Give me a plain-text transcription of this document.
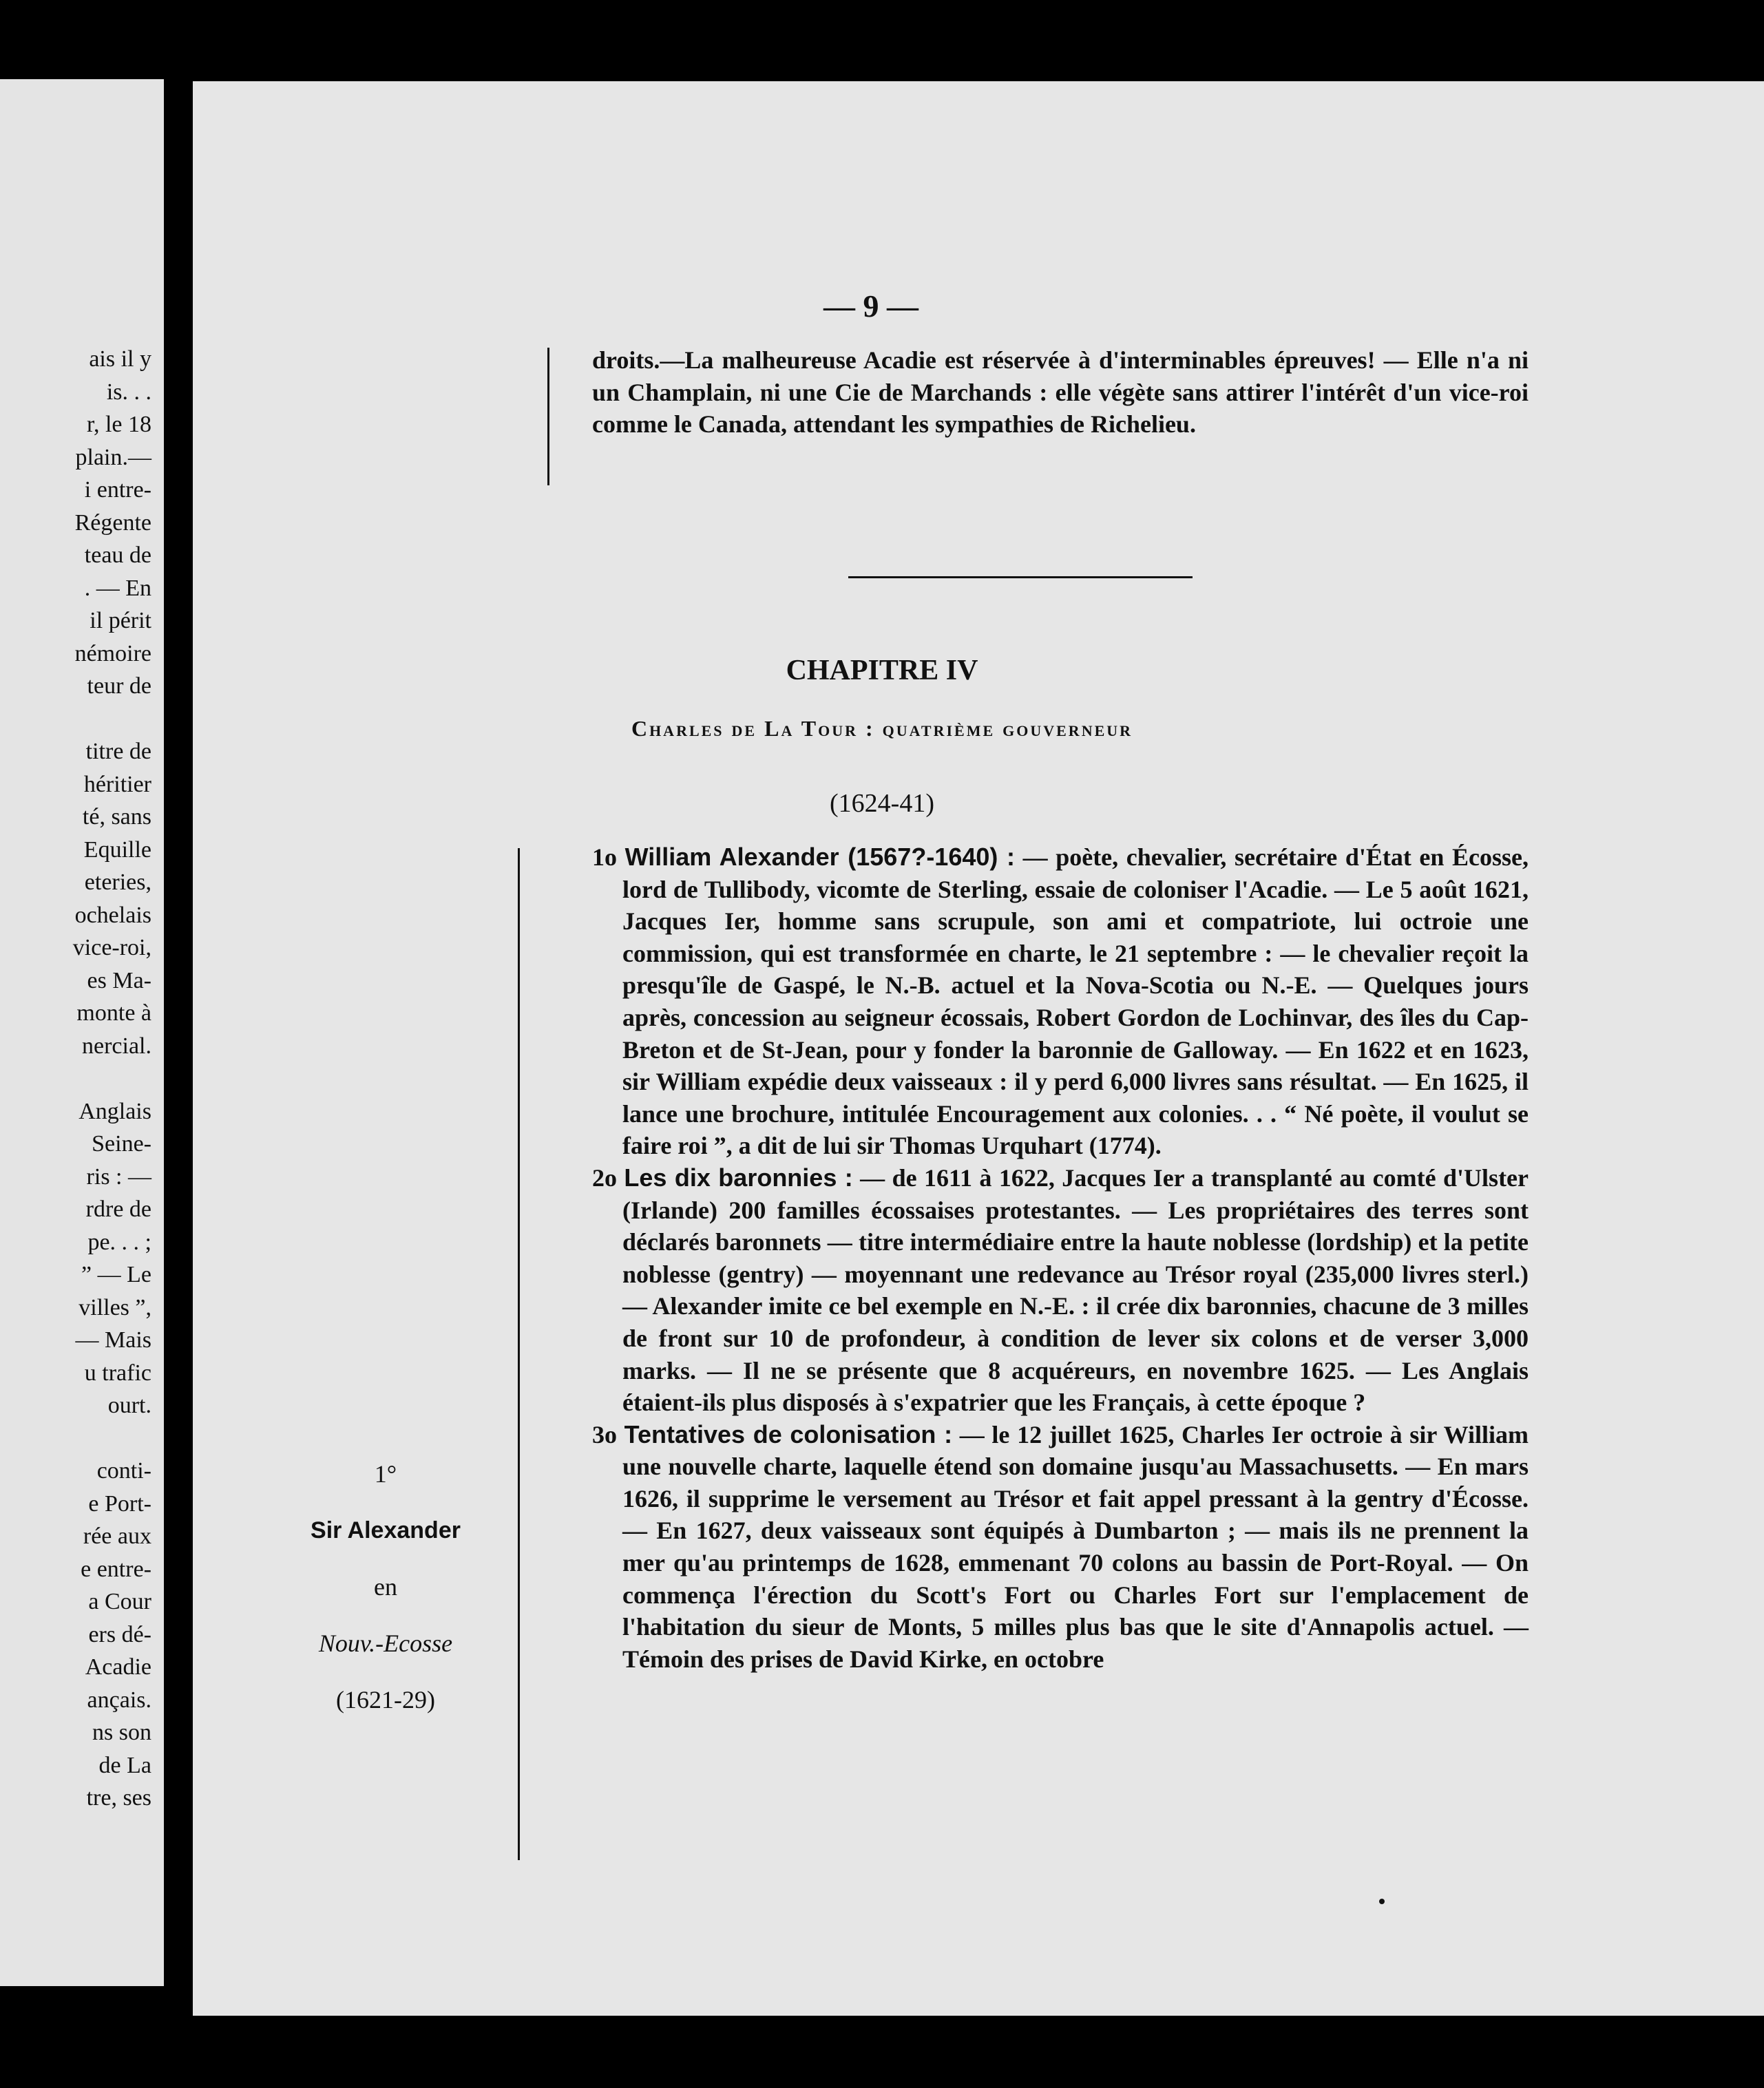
ais il y
is. . .
r, le 18
plain.—
i entre-
Régente
teau de
. — En
il périt
némoire
teur de
titre de
héritier
té, sans
Equille
eteries,
ochelais
vice-roi,
es Ma-
monte à
nercial.
Anglais
Seine-
ris : —
rdre de
pe. . . ;
” — Le
villes ”,
— Mais
u trafic
ourt.
conti-
e Port-
rée aux
e entre-
a Cour
ers dé-
Acadie
ançais.
ns son
de La
tre, ses
— 9 —

droits.—La malheureuse Acadie est réservée à d'interminables épreuves! — Elle n'a ni un Champlain, ni une Cie de Marchands : elle végète sans attirer l'intérêt d'un vice-roi comme le Canada, attendant les sympathies de Richelieu.

CHAPITRE IV
Charles de La Tour : quatrième gouverneur
(1624-41)
1°
Sir Alexander
en
Nouv.-Ecosse
(1621-29)

1o William Alexander (1567?-1640) : — poète, chevalier, secrétaire d'État en Écosse, lord de Tullibody, vicomte de Sterling, essaie de coloniser l'Acadie. — Le 5 août 1621, Jacques Ier, homme sans scrupule, son ami et compatriote, lui octroie une commission, qui est transformée en charte, le 21 septembre : — le chevalier reçoit la presqu'île de Gaspé, le N.-B. actuel et la Nova-Scotia ou N.-E. — Quelques jours après, concession au seigneur écossais, Robert Gordon de Lochinvar, des îles du Cap-Breton et de St-Jean, pour y fonder la baronnie de Galloway. — En 1622 et en 1623, sir William expédie deux vaisseaux : il y perd 6,000 livres sans résultat. — En 1625, il lance une brochure, intitulée Encouragement aux colonies. . . “ Né poète, il voulut se faire roi ”, a dit de lui sir Thomas Urquhart (1774).

2o Les dix baronnies : — de 1611 à 1622, Jacques Ier a transplanté au comté d'Ulster (Irlande) 200 familles écossaises protestantes. — Les propriétaires des terres sont déclarés baronnets — titre intermédiaire entre la haute noblesse (lordship) et la petite noblesse (gentry) — moyennant une redevance au Trésor royal (235,000 livres sterl.) — Alexander imite ce bel exemple en N.-E. : il crée dix baronnies, chacune de 3 milles de front sur 10 de profondeur, à condition de lever six colons et de verser 3,000 marks. — Il ne se présente que 8 acquéreurs, en novembre 1625. — Les Anglais étaient-ils plus disposés à s'expatrier que les Français, à cette époque ?

3o Tentatives de colonisation : — le 12 juillet 1625, Charles Ier octroie à sir William une nouvelle charte, laquelle étend son domaine jusqu'au Massachusetts. — En mars 1626, il supprime le versement au Trésor et fait appel pressant à la gentry d'Écosse. — En 1627, deux vaisseaux sont équipés à Dumbarton ; — mais ils ne prennent la mer qu'au printemps de 1628, emmenant 70 colons au bassin de Port-Royal. — On commença l'érection du Scott's Fort ou Charles Fort sur l'emplacement de l'habitation du sieur de Monts, 5 milles plus bas que le site d'Annapolis actuel. — Témoin des prises de David Kirke, en octobre
